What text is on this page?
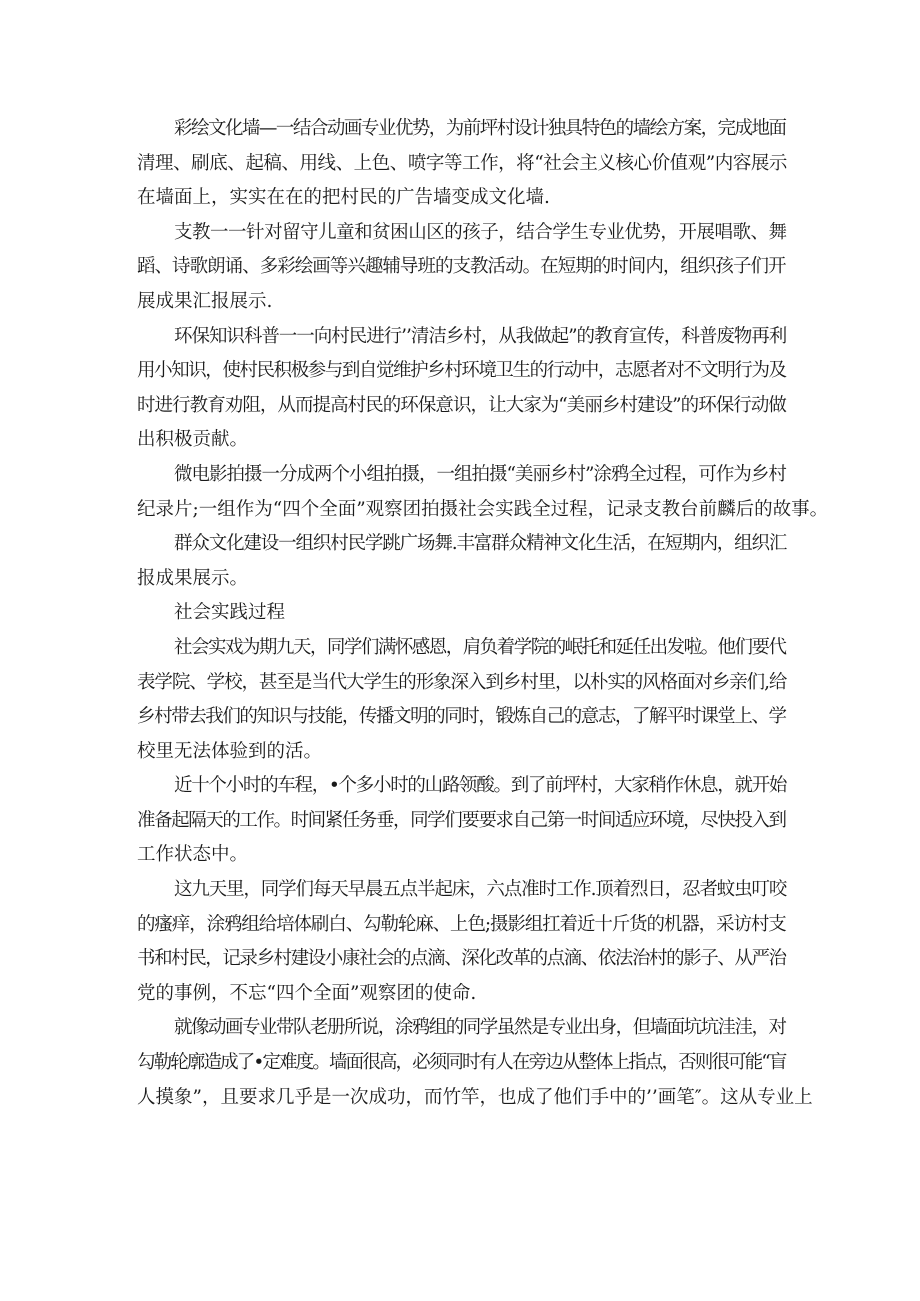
彩绘文化墙—一结合动画专业优势，为前坪村设计独具特色的墙绘方案，完成地面
清理、刷底、起稿、用线、上色、喷字等工作，将“社会主义核心价值观”内容展示
在墙面上，实实在在的把村民的广告墙变成文化墙.
支教一一针对留守儿童和贫困山区的孩子，结合学生专业优势，开展唱歌、舞
蹈、诗歌朗诵、多彩绘画等兴趣辅导班的支教活动。在短期的时间内，组织孩子们开
展成果汇报展示.
环保知识科普一一向村民进行’’清洁乡村，从我做起”的教育宣传，科普废物再利
用小知识，使村民积极参与到自觉维护乡村环境卫生的行动中，志愿者对不文明行为及
时进行教育劝阻，从而提高村民的环保意识，让大家为“美丽乡村建设”的环保行动做
出积极贡献。
微电影拍摄一分成两个小组拍摄，一组拍摄“美丽乡村”涂鸦全过程，可作为乡村
纪录片;一组作为“四个全面”观察团拍摄社会实践全过程，记录支教台前麟后的故事。
群众文化建设一组织村民学跳广场舞.丰富群众精神文化生活，在短期内，组织汇
报成果展示。
社会实践过程
社会实戏为期九天，同学们满怀感恩，肩负着学院的岷托和延任出发啦。他们要代
表学院、学校，甚至是当代大学生的形象深入到乡村里，以朴实的风格面对乡亲们,给
乡村带去我们的知识与技能，传播文明的同时，锻炼自己的意志，了解平时课堂上、学
校里无法体验到的活。
近十个小时的车程，•个多小时的山路领酸。到了前坪村，大家稍作休息，就开始
准备起隔天的工作。时间紧任务垂，同学们要要求自己第一时间适应环境，尽快投入到
工作状态中。
这九天里，同学们每天早晨五点半起床，六点准时工作.顶着烈日，忍者蚊虫叮咬
的瘙痒，涂鸦组给培体刷白、勾勒轮麻、上色;摄影组扛着近十斤货的机器，采访村支
书和村民，记录乡村建设小康社会的点滴、深化改革的点滴、依法治村的影子、从严治
党的事例，不忘“四个全面”观察团的使命.
就像动画专业带队老册所说，涂鸦组的同学虽然是专业出身，但墙面坑坑洼洼，对
勾勒轮廓造成了•定难度。墙面很高，必须同时有人在旁边从整体上指点，否则很可能“盲
人摸象”，且要求几乎是一次成功，而竹竿，也成了他们手中的’’画笔″。这从专业上
